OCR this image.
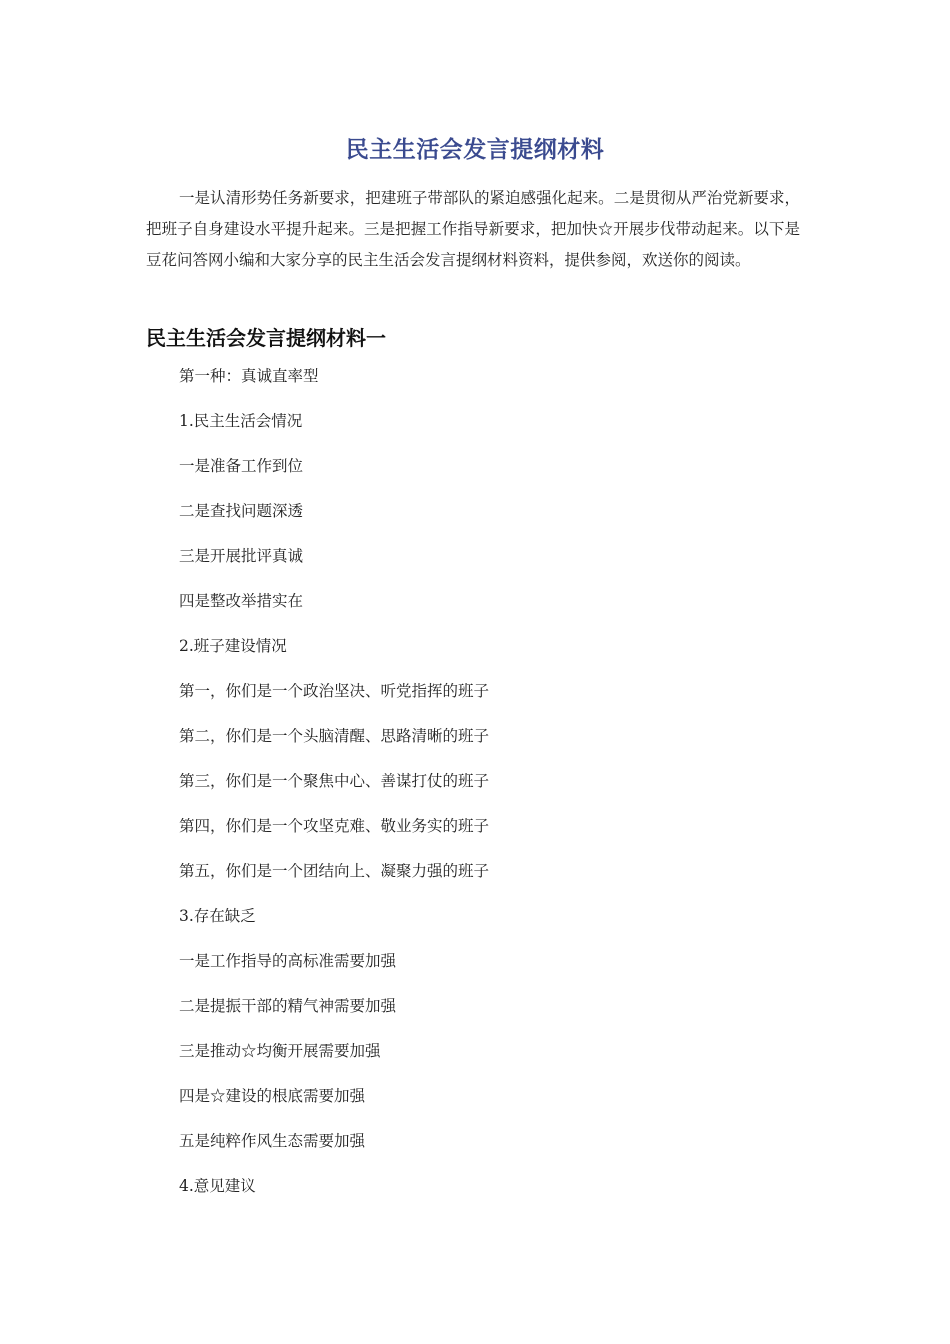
民主生活会发言提纲材料
一是认清形势任务新要求，把建班子带部队的紧迫感强化起来。二是贯彻从严治党新要求，把班子自身建设水平提升起来。三是把握工作指导新要求，把加快☆开展步伐带动起来。以下是豆花问答网小编和大家分享的民主生活会发言提纲材料资料，提供参阅，欢送你的阅读。
民主生活会发言提纲材料一
第一种：真诚直率型
1.民主生活会情况
一是准备工作到位
二是查找问题深透
三是开展批评真诚
四是整改举措实在
2.班子建设情况
第一，你们是一个政治坚决、听党指挥的班子
第二，你们是一个头脑清醒、思路清晰的班子
第三，你们是一个聚焦中心、善谋打仗的班子
第四，你们是一个攻坚克难、敬业务实的班子
第五，你们是一个团结向上、凝聚力强的班子
3.存在缺乏
一是工作指导的高标准需要加强
二是提振干部的精气神需要加强
三是推动☆均衡开展需要加强
四是☆建设的根底需要加强
五是纯粹作风生态需要加强
4.意见建议
